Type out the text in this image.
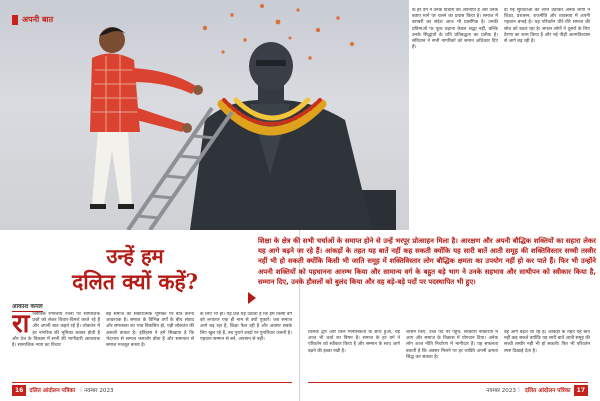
अपनी बात
के हर वर्ग ने उनके विचारों को अपनाया है और उनके बताए मार्ग पर चलने का प्रयास किया है। समाज में बराबरी का संदेश आज भी प्रासंगिक है। उनकी प्रतिमाओं पर फूल चढ़ाना केवल श्रद्धा नहीं, बल्कि उनके सिद्धांतों के प्रति प्रतिबद्धता का प्रतीक है। संविधान ने सभी नागरिकों को समान अधिकार दिए हैं।
दी गई सुविधाओं का लाभ उठाकर अनेक लोगों ने शिक्षा, प्रशासन, राजनीति और व्यवसाय में अपनी पहचान बनाई है। यह परिवर्तन धीरे-धीरे समाज की सोच को बदल रहा है। सफल लोगों ने दूसरों के लिए प्रेरणा का काम किया है और नई पीढ़ी आत्मविश्वास से आगे बढ़ रही है।
उन्हें हम
दलित क्यों कहें?
शिक्षा के क्षेत्र की सभी चर्चाओं के समाप्त होने से उन्हें भरपूर प्रोत्साहन मिला है। आरक्षण और अपनी बौद्धिक शक्तियों का सहारा लेकर यह आगे बढ़ने जा रहे हैं। आंकड़ों के तहत यह बातें नहीं कह सकती क्योंकि यह सारी बातें आती समूह की शक्तिविस्तार सच्ची तस्वीर नहीं भी हो सकती क्योंकि किसी भी जाति समूह में शक्तिविस्तार लोग बौद्धिक क्षमता का उपयोग नहीं हो कर पाते हैं। फिर भी उन्होंने अपनी शक्तियों को पहचानना आरम्भ किया और सामान्य वर्ग के बहुत बड़े भाग ने उनके सहभाव और साथीपन को स्वीकार किया है, सम्मान दिए, उनके हौसलों को बुलंद किया और वह बड़े-बड़े पदों पर पदस्थापित भी हुए।
आकाश कमल
रा जनैतिक रंगमंचीय रचना पर सामाजिक प्रश्नों को लेकर विचार-विमर्श करते रहे हैं और अपनी बात कहते रहे हैं। लोकतंत्र में हर नागरिक की भूमिका बराबर होती है और देश के विकास में सभी की भागीदारी आवश्यक है। सामाजिक न्याय का विचार
बड़े समाज की सकारात्मक भूमिका पर बात करना आवश्यक है। समाज के विभिन्न वर्गों के बीच संवाद और समरसता का भाव विकसित हो, यही लोकतंत्र की असली ताकत है। इतिहास ने हमें सिखाया है कि भेदभाव से समाज कमजोर होता है और समानता से समाज मजबूत बनता है।
के लिए भी हो। यह प्रश्न यह उठाता है कि हम किसी वर्ग को लगातार एक ही नाम से क्यों पुकारें। जब समाज आगे बढ़ रहा है, शिक्षा फैल रही है और अवसर सबके लिए खुल रहे हैं, तब पुराने शब्दों पर पुनर्विचार जरूरी है। पहचान सम्मान से बने, अपमान से नहीं।
किनके द्वार और किन मानसिकता के साथ हुआ, यह आज भी चर्चा का विषय है। समाज के हर वर्ग ने परिवर्तन को स्वीकार किया है और सम्मान के साथ आगे बढ़ने की इच्छा रखी है।
शासन किए, उच्च पद पर पहुंचे, सरकारी नौकरियों में आए और समाज के विकास में योगदान दिया। अनेक लोग आज नीति निर्धारण में भागीदार हैं। यह सफलता बताती है कि अवसर मिलने पर हर व्यक्ति अपनी क्षमता सिद्ध कर सकता है।
वह आगे बढ़ते जा रहे हैं। आंकड़ों के तहत यह बातें नहीं कह सकते क्योंकि यह सारी बातें आती समूह की सच्ची तस्वीर नहीं भी हो सकती। फिर भी परिवर्तन स्पष्ट दिखाई देता है।
16	दलित आंदोलन पत्रिका | नवम्बर 2023	नवम्बर 2023 | दलित आंदोलन पत्रिका	17
